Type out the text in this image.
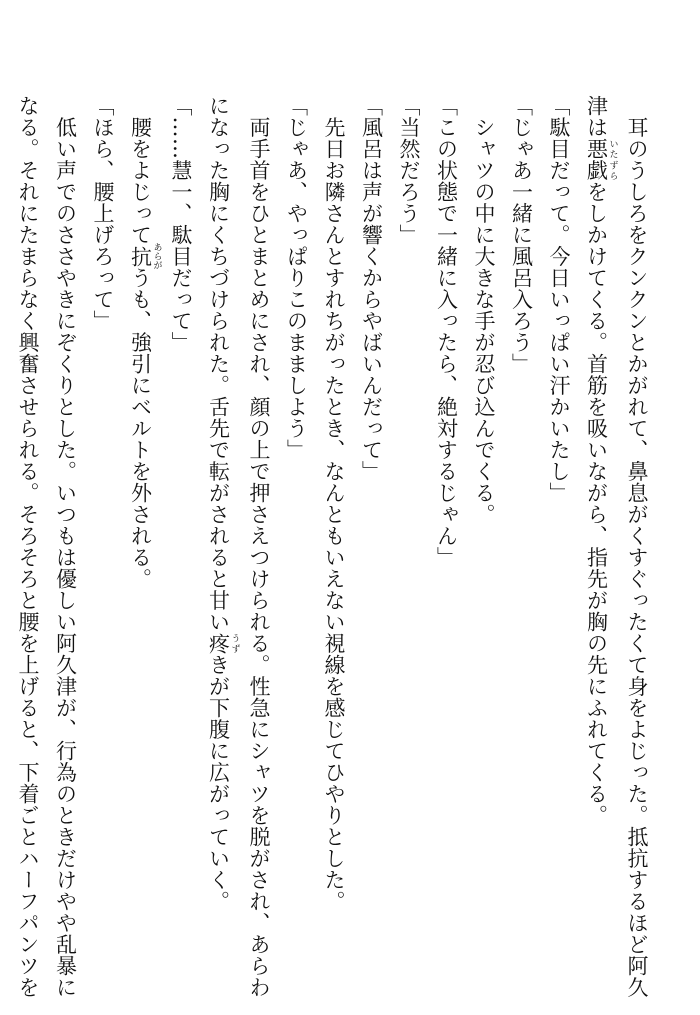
　耳のうしろをクンクンとかがれて、鼻息がくすぐったくて身をよじった。抵抗するほど阿久
津は悪戯 いたずらをしかけてくる。首筋を吸いながら、指先が胸の先にふれてくる。
「駄目だって。今日いっぱい汗かいたし」
「じゃあ一緒に風呂入ろう」
　シャツの中に大きな手が忍び込んでくる。
「この状態で一緒に入ったら、絶対するじゃん」
「当然だろう」
「風呂は声が響くからやばいんだって」
　先日お隣さんとすれちがったとき、なんともいえない視線を感じてひやりとした。
「じゃあ、やっぱりこのまましよう」
　両手首をひとまとめにされ、顔の上で押さえつけられる。性急にシャツを脱がされ、あらわ
になった胸にくちづけられた。舌先で転がされると甘い疼 うずきが下腹に広がっていく。
「……慧一、駄目だって」
　腰をよじって抗 あらがうも、強引にベルトを外される。
「ほら、腰上げろって」
　低い声でのささやきにぞくりとした。いつもは優しい阿久津が、行為のときだけやや乱暴に
なる。それにたまらなく興奮させられる。そろそろと腰を上げると、下着ごとハーフパンツを
